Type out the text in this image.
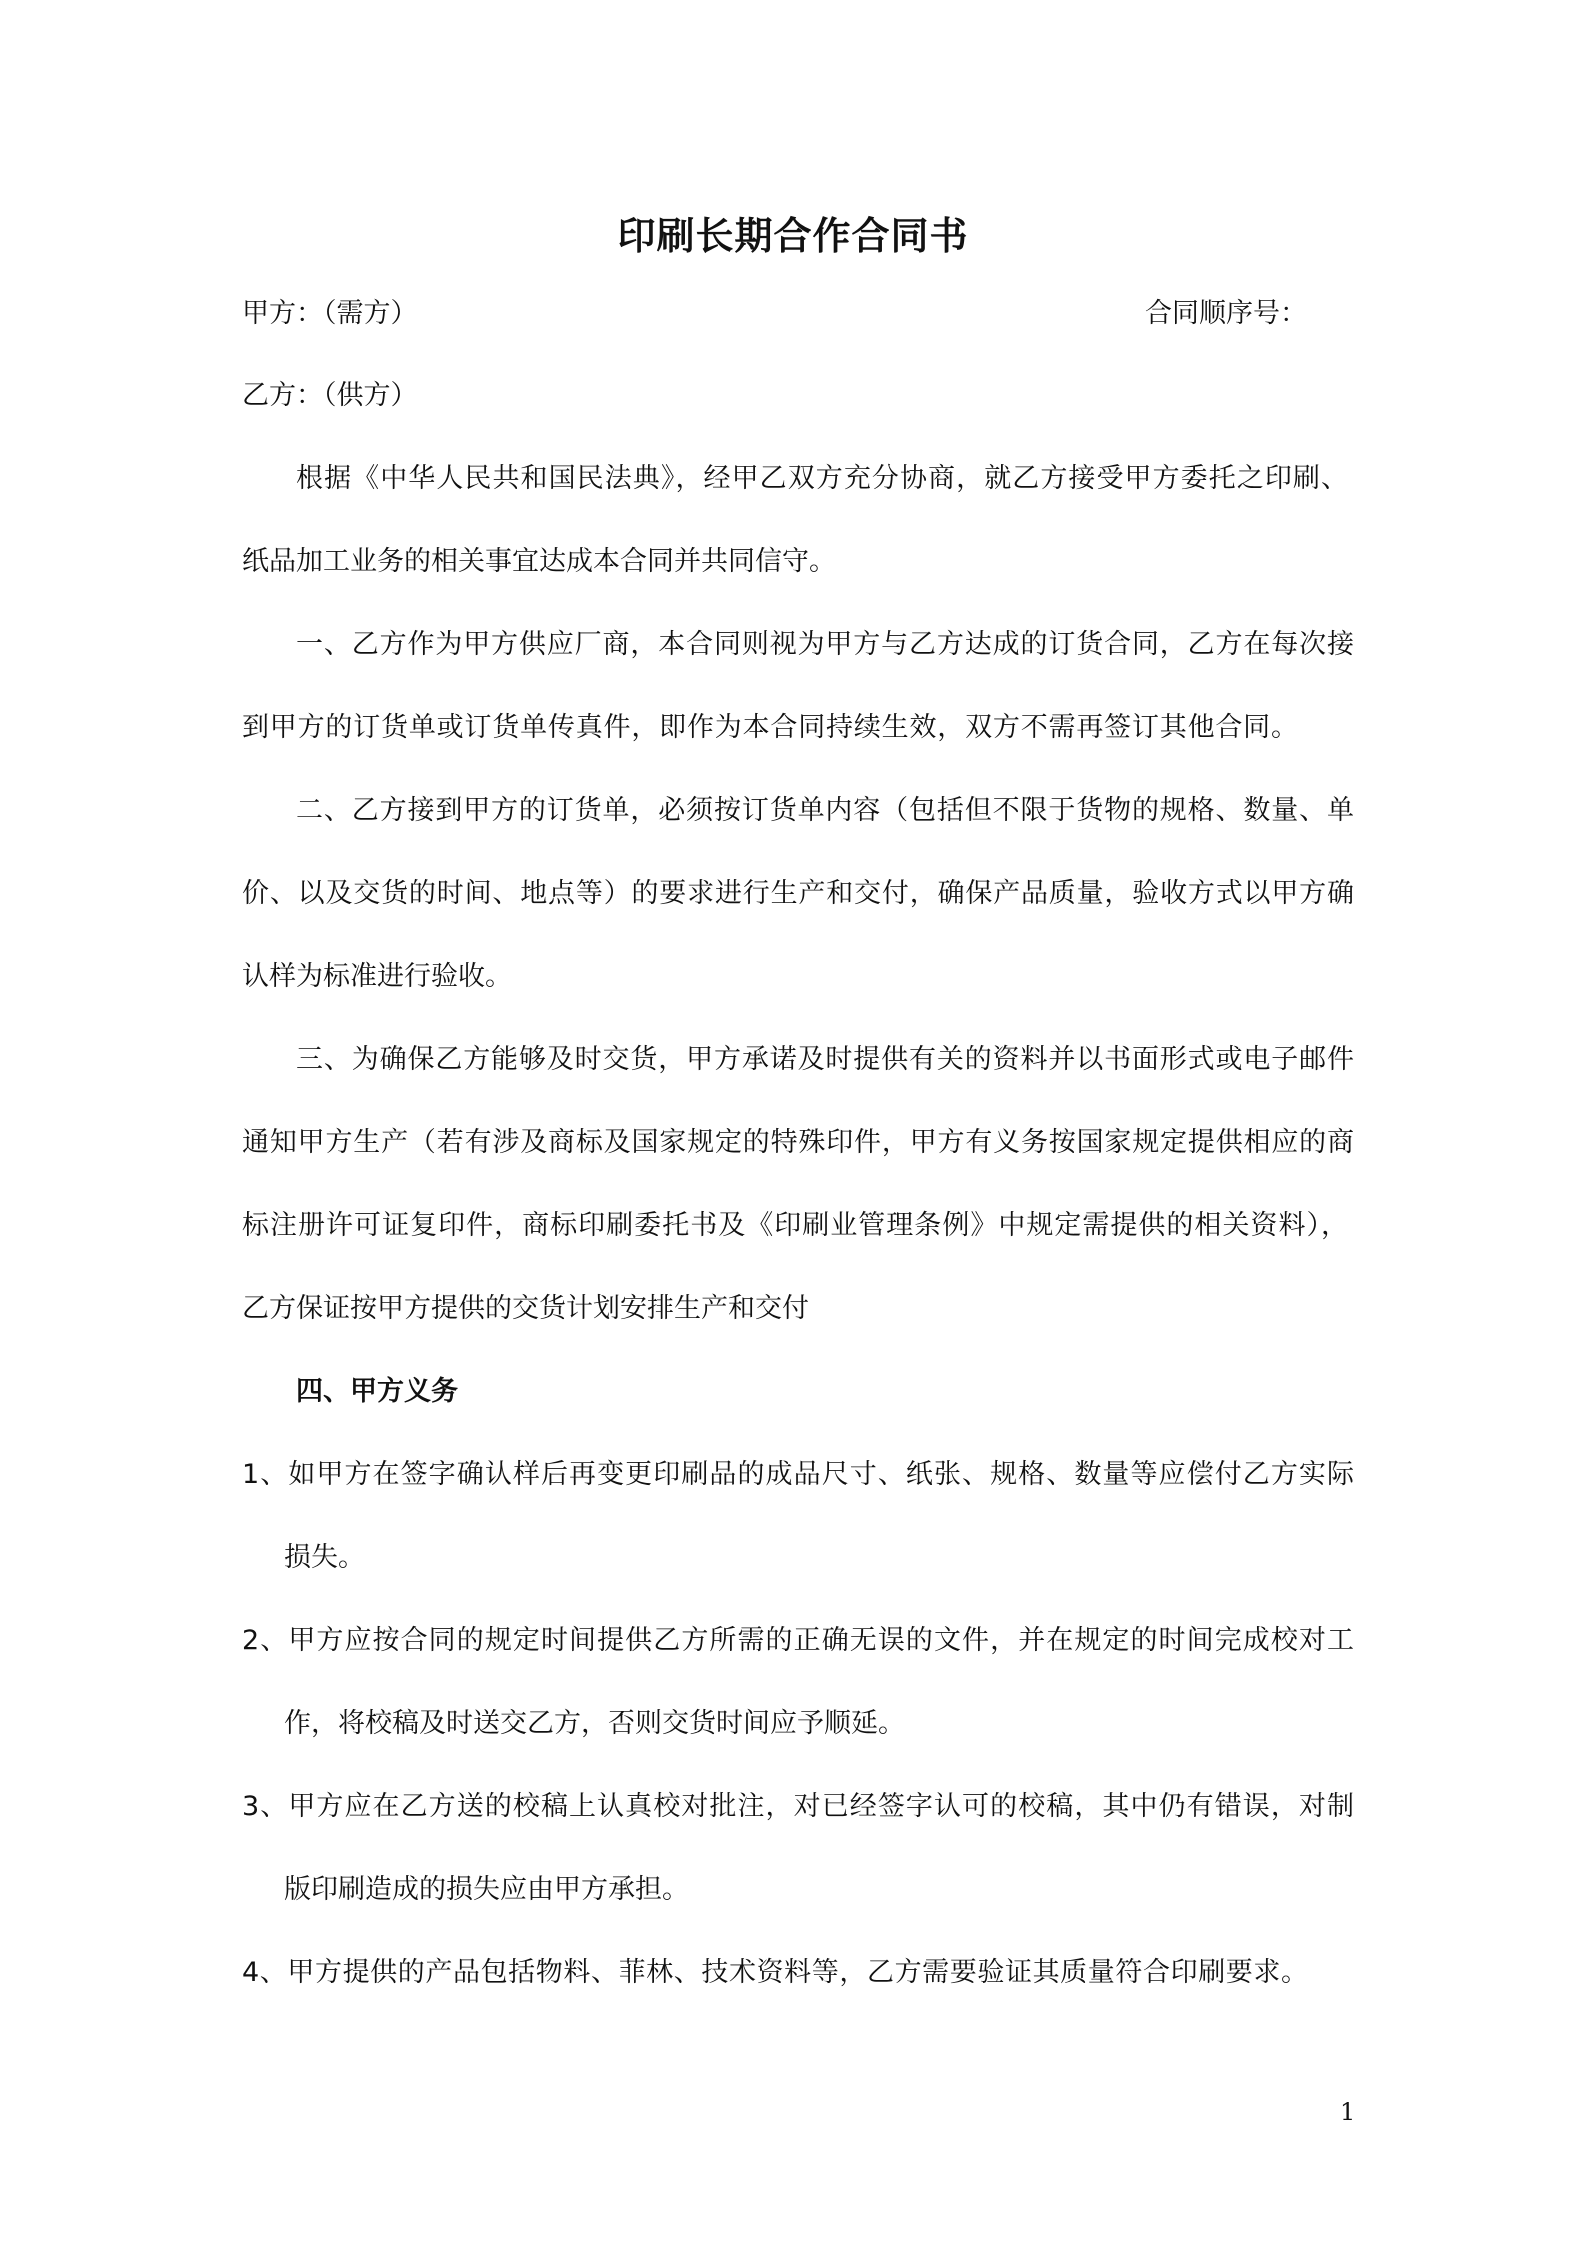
印刷长期合作合同书
甲方：（需方）	合同顺序号：
乙方：（供方）
根据《中华人民共和国民法典》，经甲乙双方充分协商，就乙方接受甲方委托之印刷、
纸品加工业务的相关事宜达成本合同并共同信守。
一、乙方作为甲方供应厂商，本合同则视为甲方与乙方达成的订货合同，乙方在每次接
到甲方的订货单或订货单传真件，即作为本合同持续生效，双方不需再签订其他合同。
二、乙方接到甲方的订货单，必须按订货单内容（包括但不限于货物的规格、数量、单
价、以及交货的时间、地点等）的要求进行生产和交付，确保产品质量，验收方式以甲方确
认样为标准进行验收。
三、为确保乙方能够及时交货，甲方承诺及时提供有关的资料并以书面形式或电子邮件
通知甲方生产（若有涉及商标及国家规定的特殊印件，甲方有义务按国家规定提供相应的商
标注册许可证复印件，商标印刷委托书及《印刷业管理条例》中规定需提供的相关资料），
乙方保证按甲方提供的交货计划安排生产和交付
四、甲方义务
1、如甲方在签字确认样后再变更印刷品的成品尺寸、纸张、规格、数量等应偿付乙方实际
损失。
2、甲方应按合同的规定时间提供乙方所需的正确无误的文件，并在规定的时间完成校对工
作，将校稿及时送交乙方，否则交货时间应予顺延。
3、甲方应在乙方送的校稿上认真校对批注，对已经签字认可的校稿，其中仍有错误，对制
版印刷造成的损失应由甲方承担。
4、甲方提供的产品包括物料、菲林、技术资料等，乙方需要验证其质量符合印刷要求。
1
